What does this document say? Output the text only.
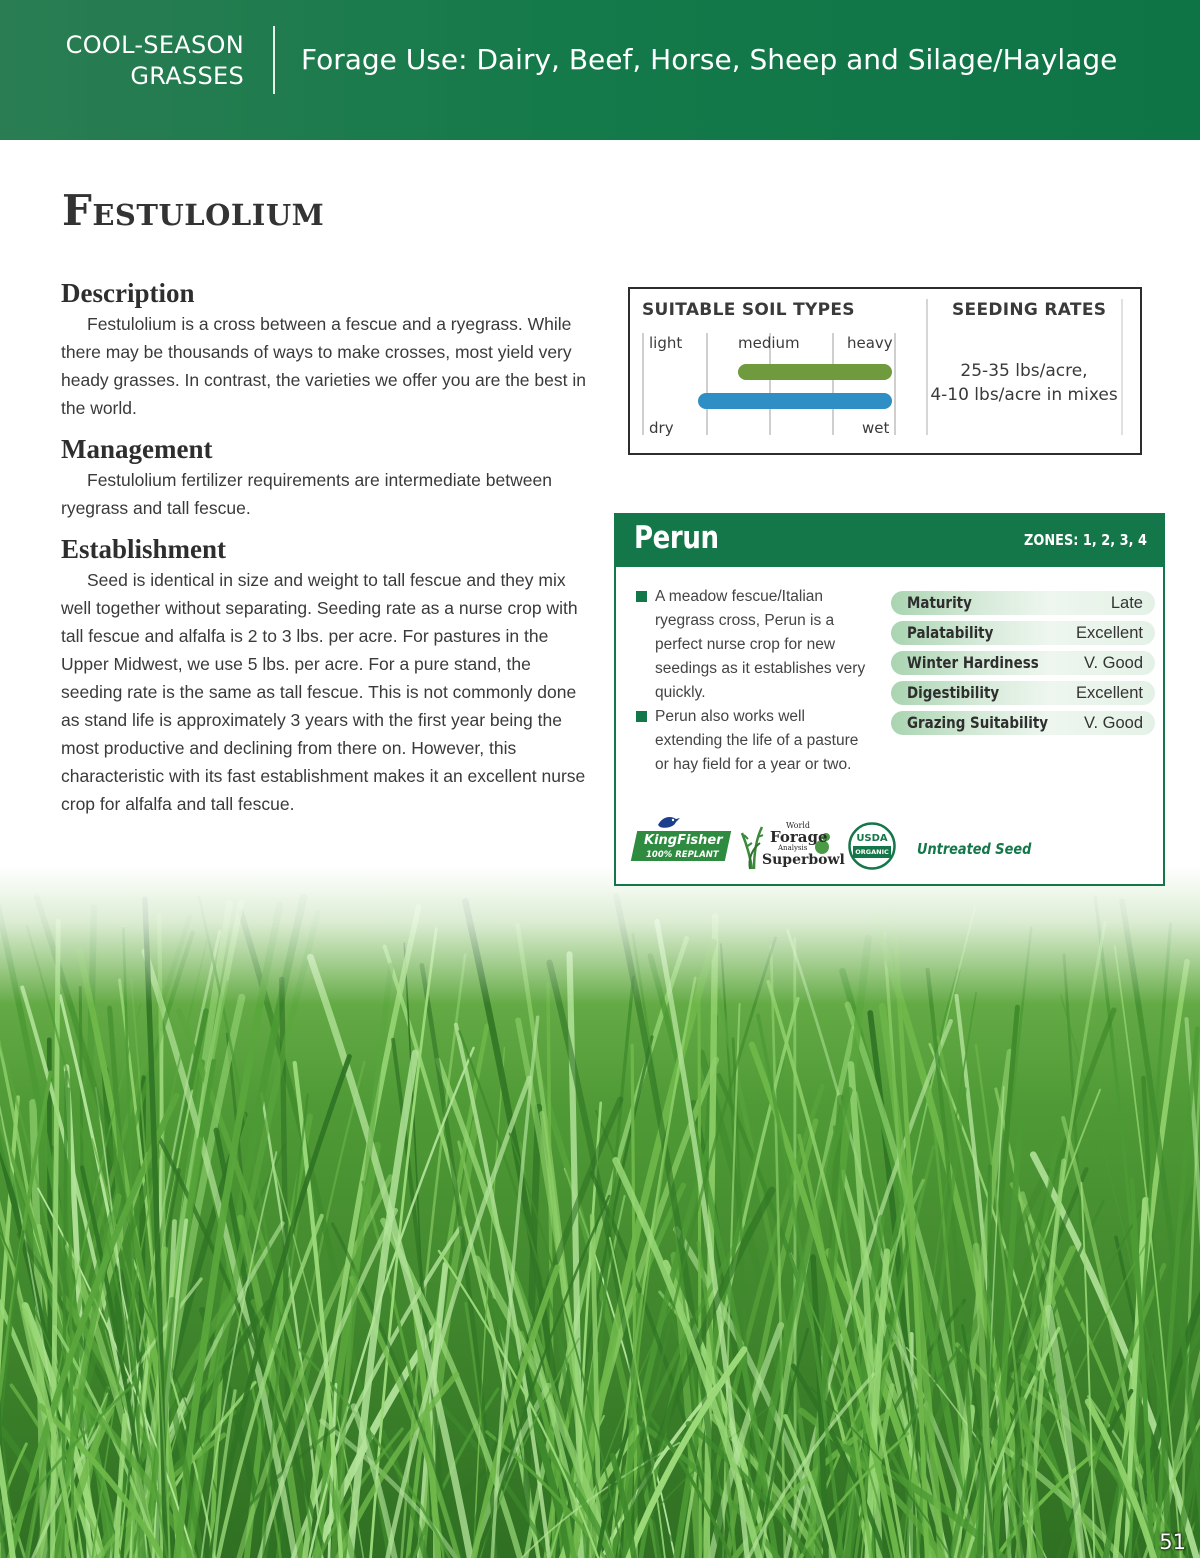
COOL-SEASON
GRASSES Forage Use: Dairy, Beef, Horse, Sheep and Silage/Haylage
Festulolium
Description

Festulolium is a cross between a fescue and a ryegrass. While there may be thousands of ways to make crosses, most yield very heady grasses. In contrast, the varieties we offer you are the best in the world.

Management

Festulolium fertilizer requirements are intermediate between ryegrass and tall fescue.

Establishment

Seed is identical in size and weight to tall fescue and they mix well together without separating. Seeding rate as a nurse crop with tall fescue and alfalfa is 2 to 3 lbs. per acre. For pastures in the Upper Midwest, we use 5 lbs. per acre. For a pure stand, the seeding rate is the same as tall fescue. This is not commonly done as stand life is approximately 3 years with the first year being the most productive and declining from there on. However, this characteristic with its fast establishment makes it an excellent nurse crop for alfalfa and tall fescue.

SUITABLE SOIL TYPES	SEEDING RATES
light	medium	heavy
dry	wet
25-35 lbs/acre,
4-10 lbs/acre in mixes
Perun	ZONES: 1, 2, 3, 4
A meadow fescue/Italian ryegrass cross, Perun is a perfect nurse crop for new seedings as it establishes very quickly.
Perun also works well extending the life of a pasture or hay field for a year or two.
Maturity	Late
Palatability	Excellent
Winter Hardiness	V. Good
Digestibility	Excellent
Grazing Suitability V. Good
KingFisher
100% REPLANT
World
Forage
Analysis
Superbowl
USDA
ORGANIC	Untreated Seed
51
